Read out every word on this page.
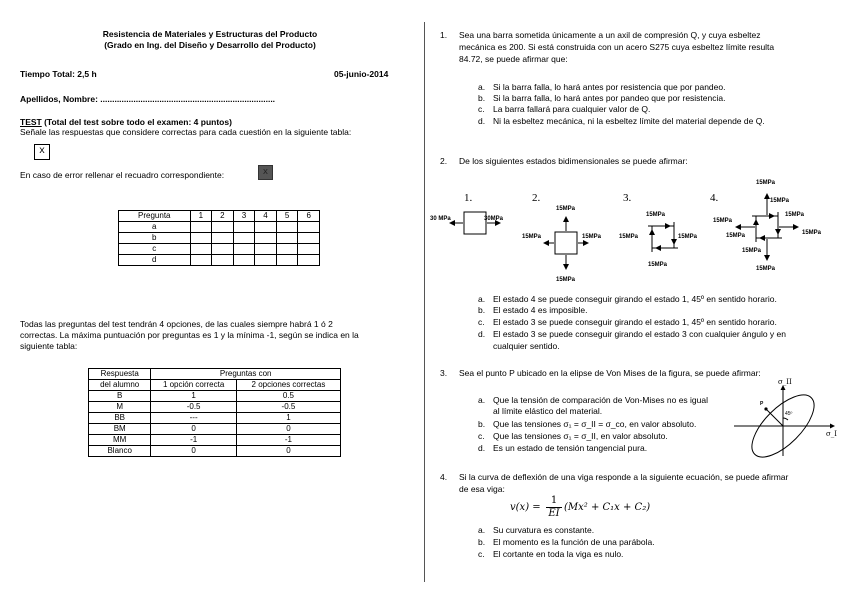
Resistencia de Materiales y Estructuras del Producto
(Grado en Ing. del Diseño y Desarrollo del Producto)
Tiempo Total: 2,5 h	05-junio-2014
Apellidos, Nombre: ..........................................................................
TEST (Total del test sobre todo el examen: 4 puntos)
Señale las respuestas que considere correctas para cada cuestión en la siguiente tabla:
x
En caso de error rellenar el recuadro correspondiente:	x
Pregunta	1	2	3	4	5	6
a						
b						
c						
d						
Todas las preguntas del test tendrán 4 opciones, de las cuales siempre habrá 1 ó 2
correctas. La máxima puntuación por preguntas es 1 y la mínima -1, según se indica en la
siguiente tabla:
Respuesta	Preguntas con	
del alumno	1 opción correcta	2 opciones correctas
B	1	0.5
M	-0.5	-0.5
BB	---	1
BM	0	0
MM	-1	-1
Blanco	0	0
1. Sea una barra sometida únicamente a un axil de compresión Q, y cuya esbeltez
mecánica es 200. Si está construida con un acero S275 cuya esbeltez límite resulta
84.72, se puede afirmar que:
a. Si la barra falla, lo hará antes por resistencia que por pandeo.
b. Si la barra falla, lo hará antes por pandeo que por resistencia.
c. La barra fallará para cualquier valor de Q.
d. Ni la esbeltez mecánica, ni la esbeltez límite del material depende de Q.
2. De los siguientes estados bidimensionales se puede afirmar:
1.	2.	3.	4.
30 MPa	30MPa
15MPa
15MPa	15MPa
15MPa
15MPa
15MPa	15MPa
15MPa
15MPa
15MPa
15MPa
15MPa
15MPa
15MPa
15MPa
15MPa
a. El estado 4 se puede conseguir girando el estado 1, 45º en sentido horario.
b. El estado 4 es imposible.
c. El estado 3 se puede conseguir girando el estado 1, 45º en sentido horario.
d. El estado 3 se puede conseguir girando el estado 3 con cualquier ángulo y en
cualquier sentido.
3. Sea el punto P ubicado en la elipse de Von Mises de la figura, se puede afirmar:
a. Que la tensión de comparación de Von-Mises no es igual
al límite elástico del material.
b. Que las tensiones σ₁ = σ_II = σ_co, en valor absoluto.
c. Que las tensiones σ₁ = σ_II, en valor absoluto.
d. Es un estado de tensión tangencial pura.
σ_II
σ_I
P
45º
4. Si la curva de deflexión de una viga responde a la siguiente ecuación, se puede afirmar
de esa viga:
v(x) =
1
EI
(Mx² + C₁x + C₂)
a. Su curvatura es constante.
b. El momento es la función de una parábola.
c. El cortante en toda la viga es nulo.
